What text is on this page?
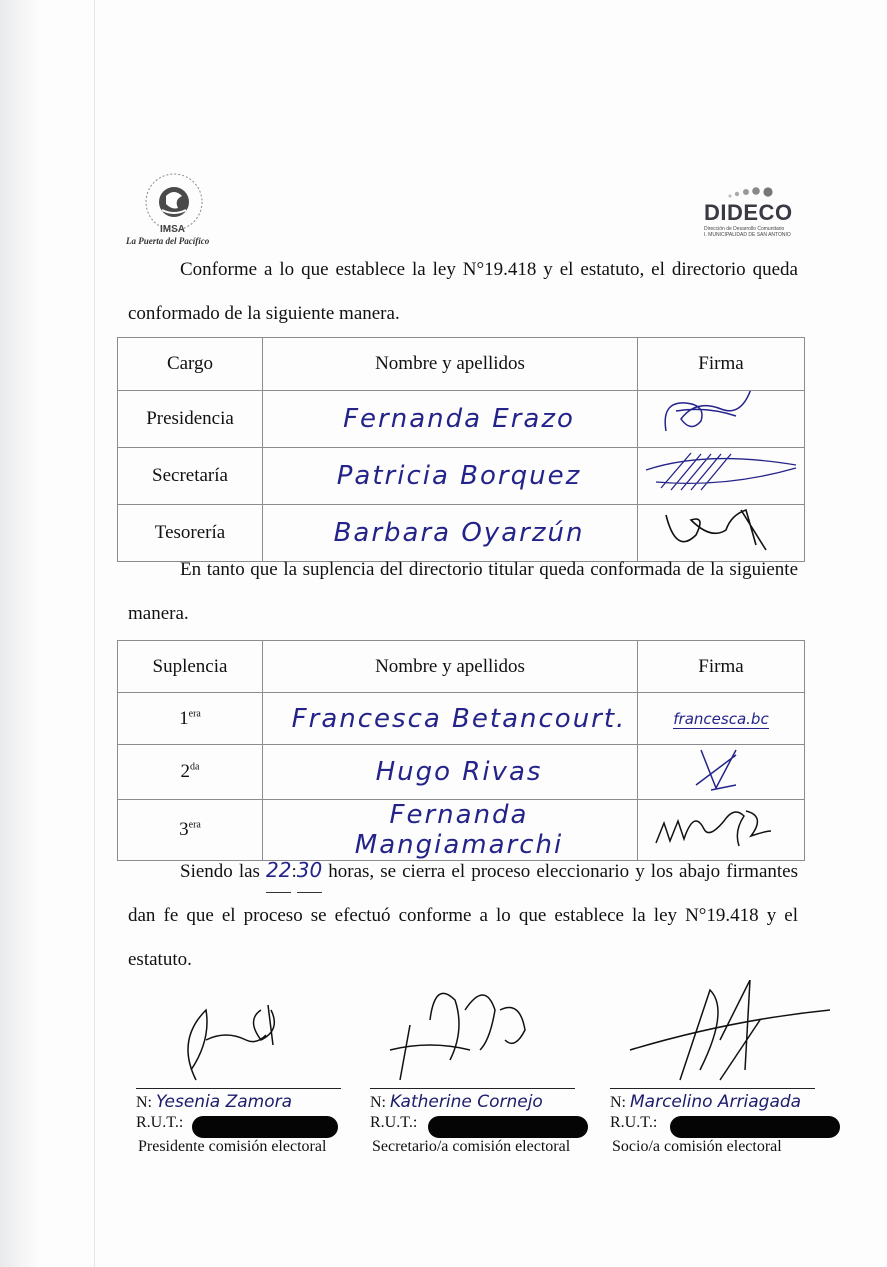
IMSA
La Puerta del Pacífico
DIDECO
Dirección de Desarrollo Comunitario
I. MUNICIPALIDAD DE SAN ANTONIO
Conforme a lo que establece la ley N°19.418 y el estatuto, el directorio queda conformado de la siguiente manera.
Cargo	Nombre y apellidos	Firma
Presidencia	Fernanda Erazo	
Secretaría	Patricia Borquez	
Tesorería	Barbara Oyarzún	
En tanto que la suplencia del directorio titular queda conformada de la siguiente manera.
Suplencia	Nombre y apellidos	Firma
$1^{era}$	Francesca Betancourt.	francesca.bc
$2^{da}$	Hugo Rivas	
$3^{era}$	Fernanda Mangiamarchi	
Siendo las 22:30 horas, se cierra el proceso eleccionario y los abajo firmantes dan fe que el proceso se efectuó conforme a lo que establece la ley N°19.418 y el estatuto.
N: Yesenia Zamora
R.U.T.:
Presidente comisión electoral
N: Katherine Cornejo
R.U.T.:
Secretario/a comisión electoral
N: Marcelino Arriagada
R.U.T.:
Socio/a comisión electoral
